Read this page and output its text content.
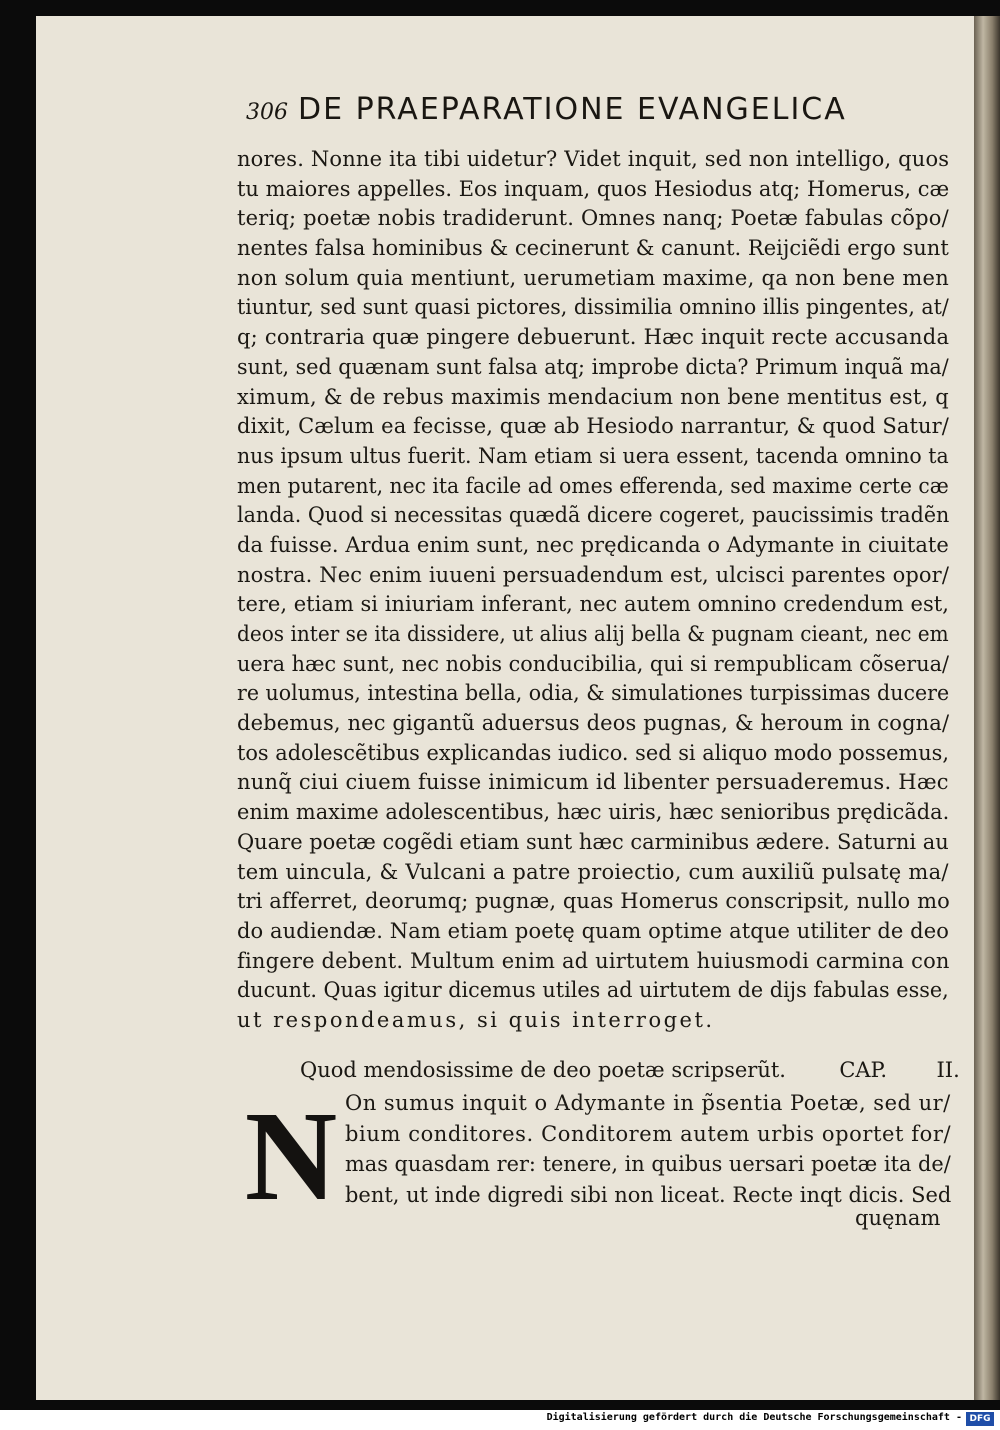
306 DE PRAEPARATIONE EVANGELICA
nores. Nonne ita tibi uidetur? Videt inquit, sed non intelligo, quos
tu maiores appelles. Eos inquam, quos Hesiodus atq; Homerus, cæ
teriq; poetæ nobis tradiderunt. Omnes nanq; Poetæ fabulas cõpo/
nentes falsa hominibus & cecinerunt & canunt. Reijciẽdi ergo sunt
non solum quia mentiunt, uerumetiam maxime, qa non bene men
tiuntur, sed sunt quasi pictores, dissimilia omnino illis pingentes, at/
q; contraria quæ pingere debuerunt. Hæc inquit recte accusanda
sunt, sed quænam sunt falsa atq; improbe dicta? Primum inquã ma/
ximum, & de rebus maximis mendacium non bene mentitus est, q
dixit, Cælum ea fecisse, quæ ab Hesiodo narrantur, & quod Satur/
nus ipsum ultus fuerit. Nam etiam si uera essent, tacenda omnino ta
men putarent, nec ita facile ad omes efferenda, sed maxime certe cæ
landa. Quod si necessitas quædã dicere cogeret, paucissimis tradẽn
da fuisse. Ardua enim sunt, nec prędicanda o Adymante in ciuitate
nostra. Nec enim iuueni persuadendum est, ulcisci parentes opor/
tere, etiam si iniuriam inferant, nec autem omnino credendum est,
deos inter se ita dissidere, ut alius alij bella & pugnam cieant, nec em
uera hæc sunt, nec nobis conducibilia, qui si rempublicam cõserua/
re uolumus, intestina bella, odia, & simulationes turpissimas ducere
debemus, nec gigantũ aduersus deos pugnas, & heroum in cogna/
tos adolescẽtibus explicandas iudico. sed si aliquo modo possemus,
nunq̃ ciui ciuem fuisse inimicum id libenter persuaderemus. Hæc
enim maxime adolescentibus, hæc uiris, hæc senioribus prędicãda.
Quare poetæ cogẽdi etiam sunt hæc carminibus ædere. Saturni au
tem uincula, & Vulcani a patre proiectio, cum auxiliũ pulsatę ma/
tri afferret, deorumq; pugnæ, quas Homerus conscripsit, nullo mo
do audiendæ. Nam etiam poetę quam optime atque utiliter de deo
fingere debent. Multum enim ad uirtutem huiusmodi carmina con
ducunt. Quas igitur dicemus utiles ad uirtutem de dijs fabulas esse,
ut respondeamus, si quis interroget.
Quod mendosissime de deo poetæ scripserũt.	CAP. II.
N On sumus inquit o Adymante in p̃sentia Poetæ, sed ur/
bium conditores. Conditorem autem urbis oportet for/
mas quasdam rer: tenere, in quibus uersari poetæ ita de/
bent, ut inde digredi sibi non liceat. Recte inqt dicis. Sed
quęnam
Digitalisierung gefördert durch die Deutsche Forschungsgemeinschaft - DFG
